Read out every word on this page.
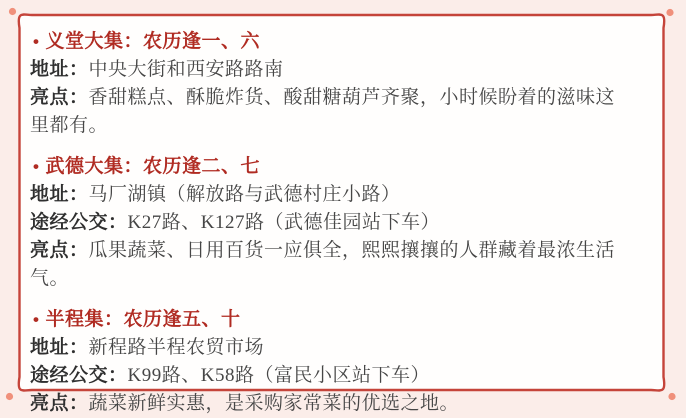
• 义堂大集：农历逢一、六
地址：中央大街和西安路路南
亮点：香甜糕点、酥脆炸货、酸甜糖葫芦齐聚，小时候盼着的滋味这里都有。
• 武德大集：农历逢二、七
地址：马厂湖镇（解放路与武德村庄小路）
途经公交：K27路、K127路（武德佳园站下车）
亮点：瓜果蔬菜、日用百货一应俱全，熙熙攘攘的人群藏着最浓生活气。
• 半程集：农历逢五、十
地址：新程路半程农贸市场
途经公交：K99路、K58路（富民小区站下车）
亮点：蔬菜新鲜实惠，是采购家常菜的优选之地。
